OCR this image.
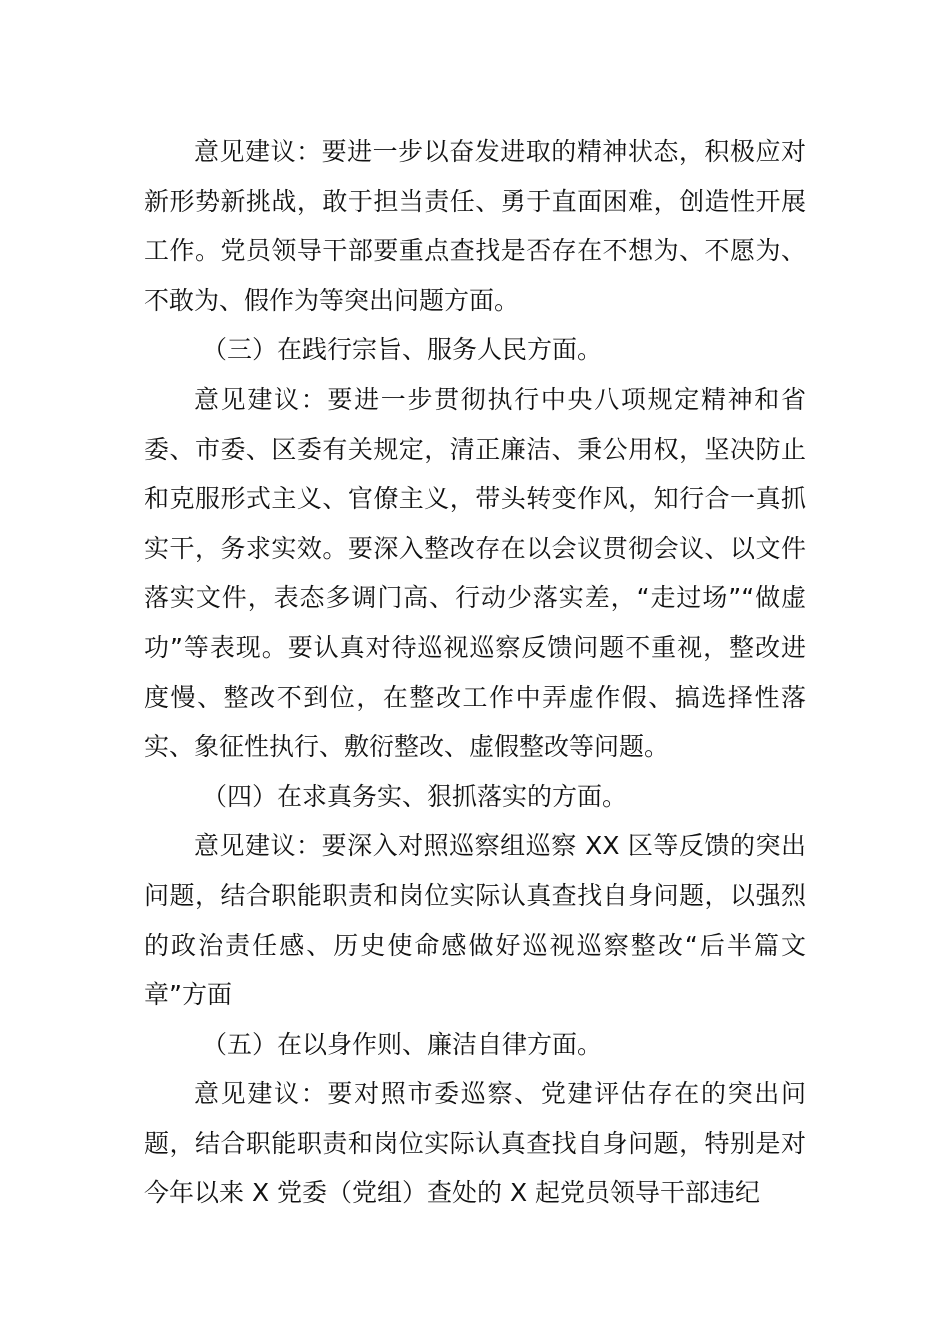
意见建议：要进一步以奋发进取的精神状态，积极应对新形势新挑战，敢于担当责任、勇于直面困难，创造性开展工作。党员领导干部要重点查找是否存在不想为、不愿为、不敢为、假作为等突出问题方面。

（三）在践行宗旨、服务人民方面。

意见建议：要进一步贯彻执行中央八项规定精神和省委、市委、区委有关规定，清正廉洁、秉公用权，坚决防止和克服形式主义、官僚主义，带头转变作风，知行合一真抓实干，务求实效。要深入整改存在以会议贯彻会议、以文件落实文件，表态多调门高、行动少落实差，“走过场”“做虚功”等表现。要认真对待巡视巡察反馈问题不重视，整改进度慢、整改不到位，在整改工作中弄虚作假、搞选择性落实、象征性执行、敷衍整改、虚假整改等问题。

（四）在求真务实、狠抓落实的方面。

意见建议：要深入对照巡察组巡察 XX 区等反馈的突出问题，结合职能职责和岗位实际认真查找自身问题，以强烈的政治责任感、历史使命感做好巡视巡察整改“后半篇文章”方面

（五）在以身作则、廉洁自律方面。

意见建议：要对照市委巡察、党建评估存在的突出问题，结合职能职责和岗位实际认真查找自身问题，特别是对今年以来 X 党委（党组）查处的 X 起党员领导干部违纪
